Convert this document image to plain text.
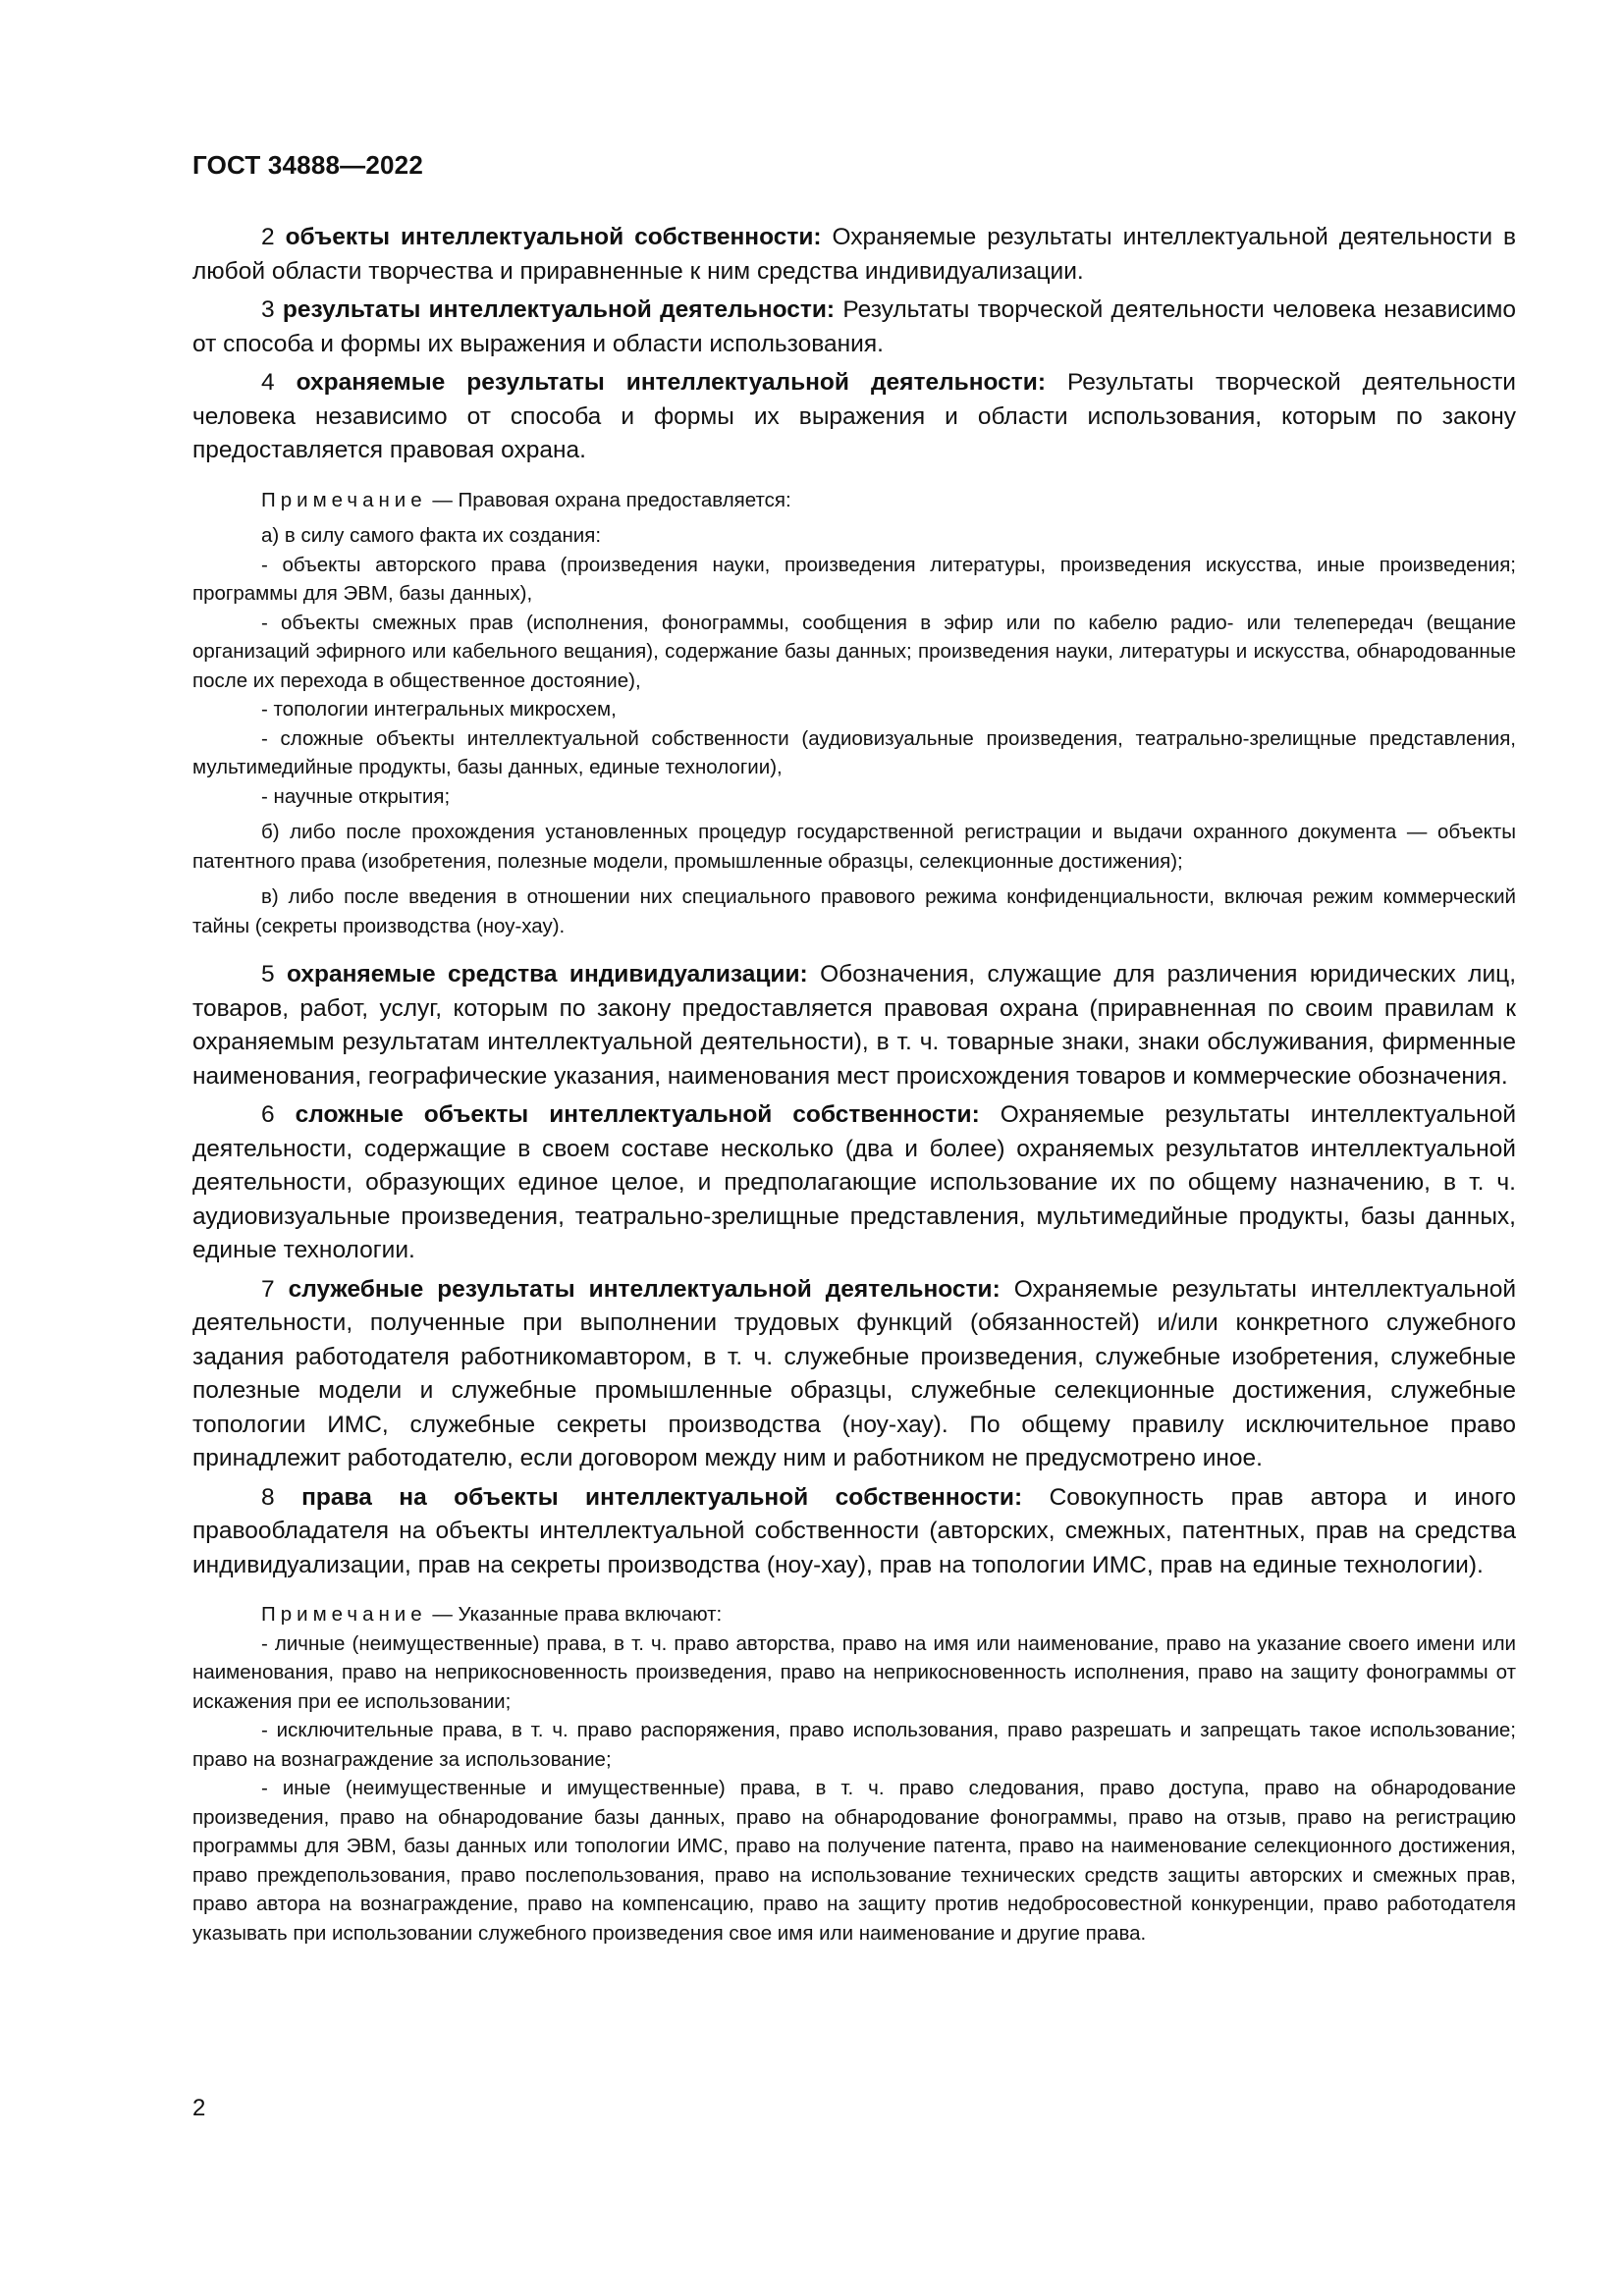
ГОСТ 34888—2022

2 объекты интеллектуальной собственности: Охраняемые результаты интеллектуальной деятельности в любой области творчества и приравненные к ним средства индивидуализации.

3 результаты интеллектуальной деятельности: Результаты творческой деятельности человека независимо от способа и формы их выражения и области использования.

4 охраняемые результаты интеллектуальной деятельности: Результаты творческой деятельности человека независимо от способа и формы их выражения и области использования, которым по закону предоставляется правовая охрана.

Примечание — Правовая охрана предоставляется:

а) в силу самого факта их создания:

- объекты авторского права (произведения науки, произведения литературы, произведения искусства, иные произведения; программы для ЭВМ, базы данных),

- объекты смежных прав (исполнения, фонограммы, сообщения в эфир или по кабелю радио- или телепередач (вещание организаций эфирного или кабельного вещания), содержание базы данных; произведения науки, литературы и искусства, обнародованные после их перехода в общественное достояние),

- топологии интегральных микросхем,

- сложные объекты интеллектуальной собственности (аудиовизуальные произведения, театрально-зрелищные представления, мультимедийные продукты, базы данных, единые технологии),

- научные открытия;

б) либо после прохождения установленных процедур государственной регистрации и выдачи охранного документа — объекты патентного права (изобретения, полезные модели, промышленные образцы, селекционные достижения);

в) либо после введения в отношении них специального правового режима конфиденциальности, включая режим коммерческий тайны (секреты производства (ноу-хау).

5 охраняемые средства индивидуализации: Обозначения, служащие для различения юридических лиц, товаров, работ, услуг, которым по закону предоставляется правовая охрана (приравненная по своим правилам к охраняемым результатам интеллектуальной деятельности), в т. ч. товарные знаки, знаки обслуживания, фирменные наименования, географические указания, наименования мест происхождения товаров и коммерческие обозначения.

6 сложные объекты интеллектуальной собственности: Охраняемые результаты интеллектуальной деятельности, содержащие в своем составе несколько (два и более) охраняемых результатов интеллектуальной деятельности, образующих единое целое, и предполагающие использование их по общему назначению, в т. ч. аудиовизуальные произведения, театрально-зрелищные представления, мультимедийные продукты, базы данных, единые технологии.

7 служебные результаты интеллектуальной деятельности: Охраняемые результаты интеллектуальной деятельности, полученные при выполнении трудовых функций (обязанностей) и/или конкретного служебного задания работодателя работникомавтором, в т. ч. служебные произведения, служебные изобретения, служебные полезные модели и служебные промышленные образцы, служебные селекционные достижения, служебные топологии ИМС, служебные секреты производства (ноу-хау). По общему правилу исключительное право принадлежит работодателю, если договором между ним и работником не предусмотрено иное.

8 права на объекты интеллектуальной собственности: Совокупность прав автора и иного правообладателя на объекты интеллектуальной собственности (авторских, смежных, патентных, прав на средства индивидуализации, прав на секреты производства (ноу-хау), прав на топологии ИМС, прав на единые технологии).

Примечание — Указанные права включают:

- личные (неимущественные) права, в т. ч. право авторства, право на имя или наименование, право на указание своего имени или наименования, право на неприкосновенность произведения, право на неприкосновенность исполнения, право на защиту фонограммы от искажения при ее использовании;

- исключительные права, в т. ч. право распоряжения, право использования, право разрешать и запрещать такое использование; право на вознаграждение за использование;

- иные (неимущественные и имущественные) права, в т. ч. право следования, право доступа, право на обнародование произведения, право на обнародование базы данных, право на обнародование фонограммы, право на отзыв, право на регистрацию программы для ЭВМ, базы данных или топологии ИМС, право на получение патента, право на наименование селекционного достижения, право преждепользования, право послепользования, право на использование технических средств защиты авторских и смежных прав, право автора на вознаграждение, право на компенсацию, право на защиту против недобросовестной конкуренции, право работодателя указывать при использовании служебного произведения свое имя или наименование и другие права.

2
